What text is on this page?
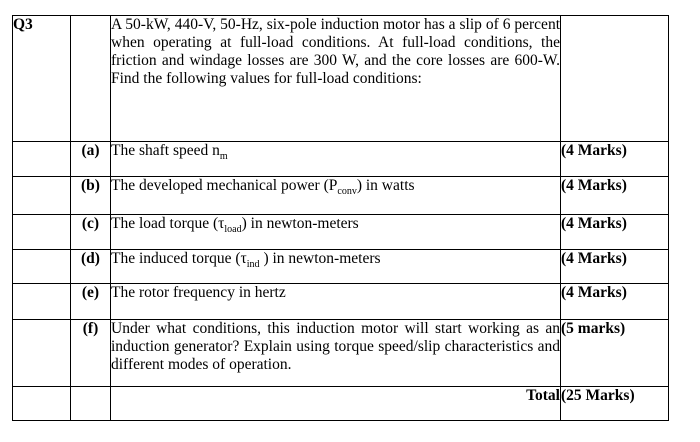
Q3		A 50-kW, 440-V, 50-Hz, six-pole induction motor has a slip of 6 percent when operating at full-load conditions. At full-load conditions, the friction and windage losses are 300 W, and the core losses are 600-W. Find the following values for full-load conditions:	
	(a)	The shaft speed $n_m$	(4 Marks)
	(b)	The developed mechanical power $(P_{conv})$ in watts	(4 Marks)
	(c)	The load torque $(\tau_{load})$ in newton-meters	(4 Marks)
	(d)	The induced torque ($\tau_{ind}$ ) in newton-meters	(4 Marks)
	(e)	The rotor frequency in hertz	(4 Marks)
	(f)	Under what conditions, this induction motor will start working as an induction generator? Explain using torque speed/slip characteristics and different modes of operation.	(5 marks)
		Total	(25 Marks)
